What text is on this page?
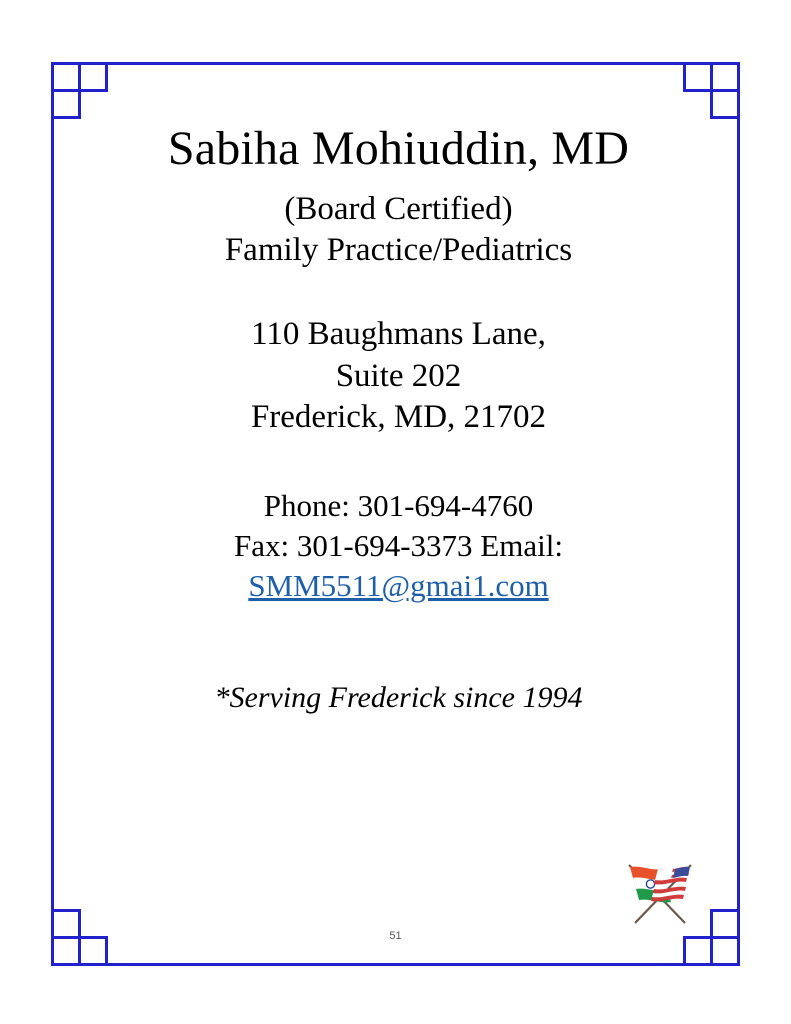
Sabiha Mohiuddin, MD
(Board Certified)
Family Practice/Pediatrics
110 Baughmans Lane,
Suite 202
Frederick, MD, 21702
Phone: 301-694-4760
Fax: 301-694-3373 Email:
SMM5511@gmai1.com
*Serving Frederick since 1994
51
